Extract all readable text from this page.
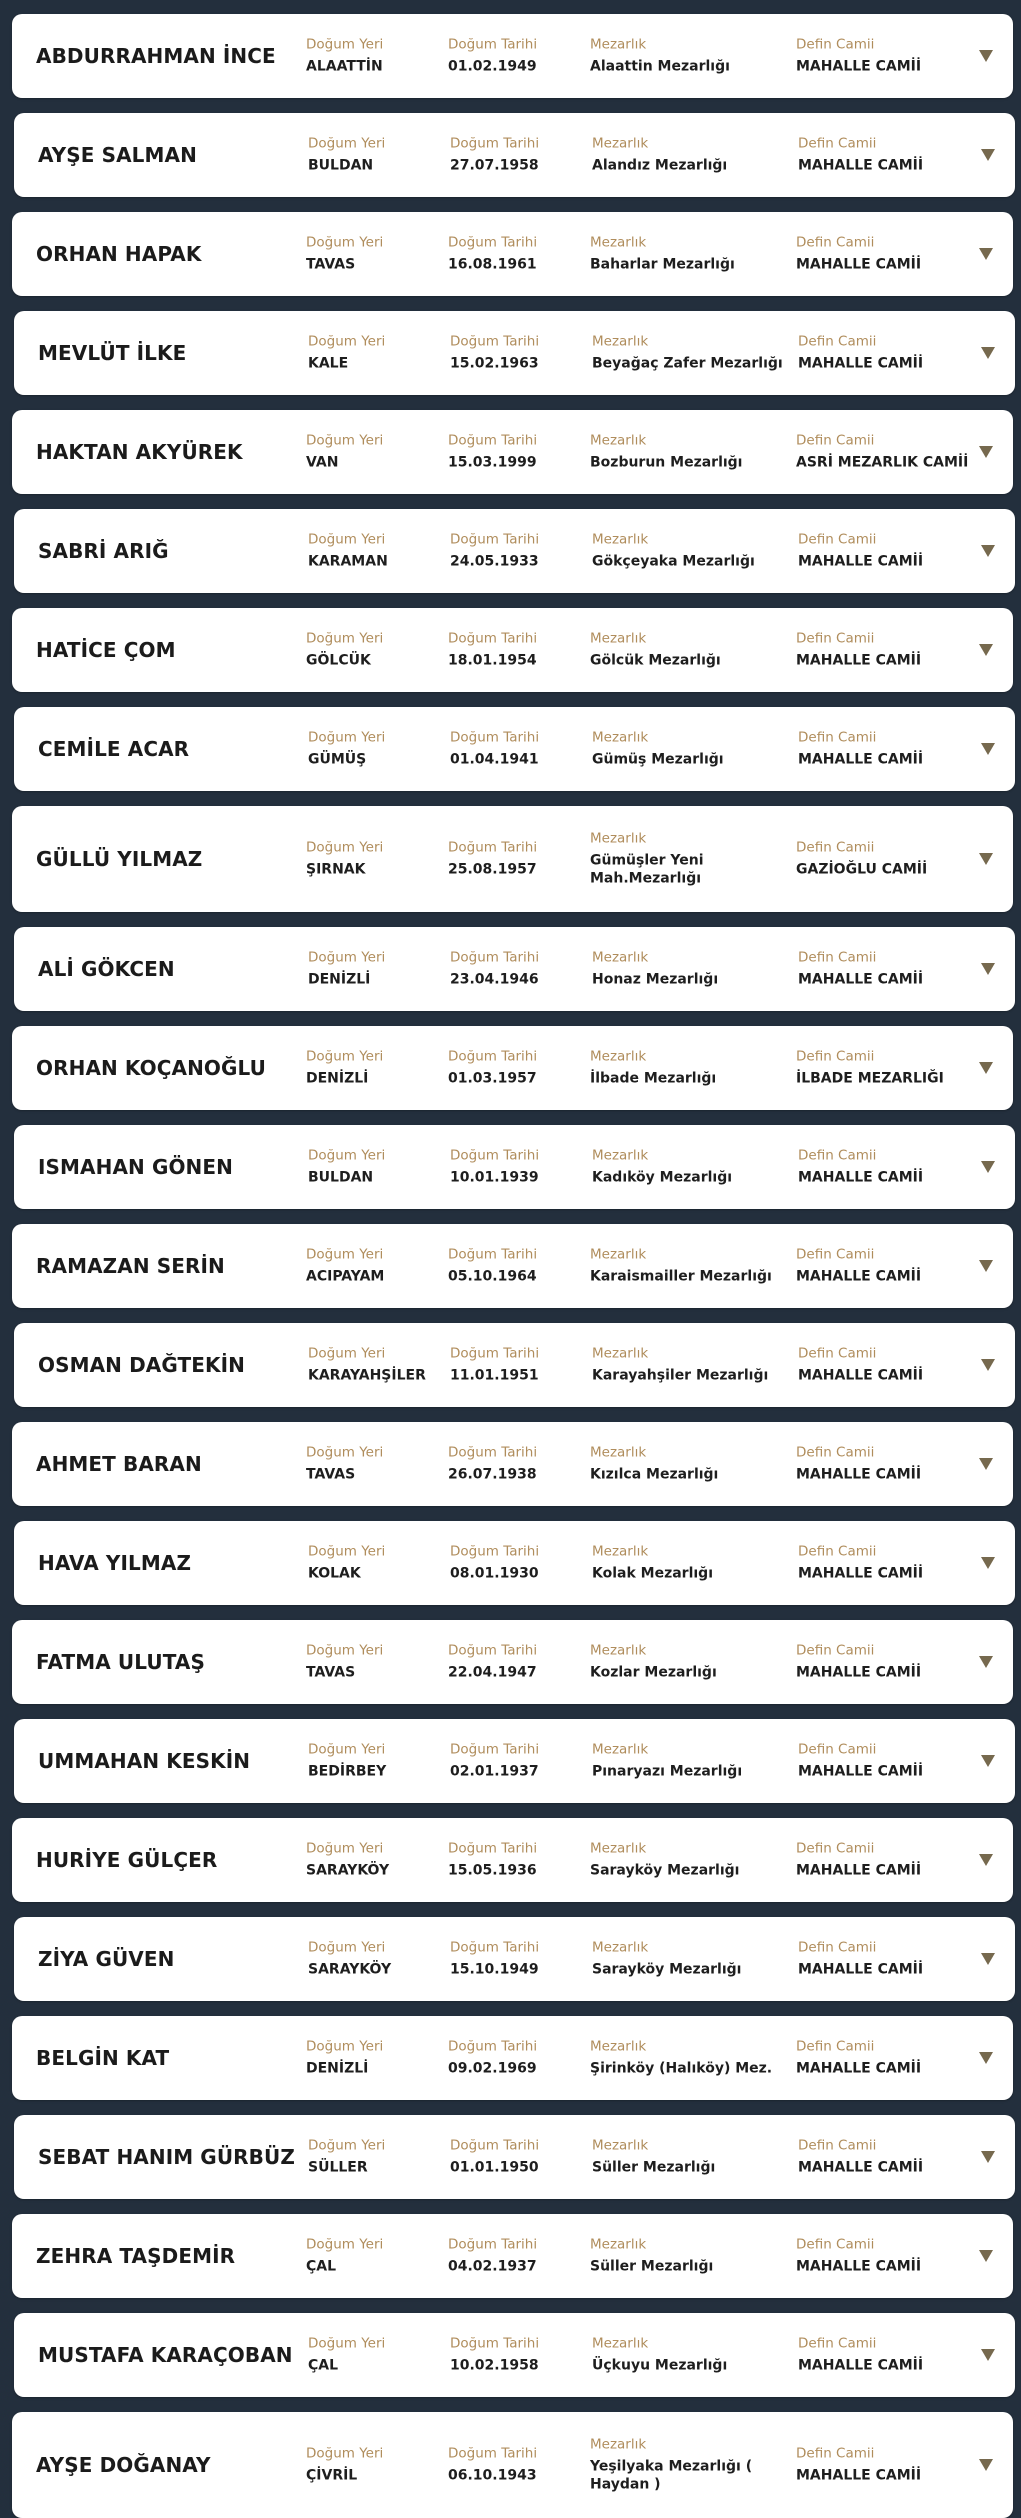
ABDURRAHMAN İNCE Doğum Yeri
ALAATTİN
Doğum Tarihi
01.02.1949
Mezarlık
Alaattin Mezarlığı
Defin Camii
MAHALLE CAMİİ
AYŞE SALMAN	Doğum Yeri
BULDAN
Doğum Tarihi
27.07.1958
Mezarlık
Alandız Mezarlığı
Defin Camii
MAHALLE CAMİİ
ORHAN HAPAK	Doğum Yeri
TAVAS
Doğum Tarihi
16.08.1961
Mezarlık
Baharlar Mezarlığı
Defin Camii
MAHALLE CAMİİ
MEVLÜT İLKE	Doğum Yeri
KALE
Doğum Tarihi
15.02.1963
Mezarlık
Beyağaç Zafer Mezarlığı
Defin Camii
MAHALLE CAMİİ
HAKTAN AKYÜREK	Doğum Yeri
VAN
Doğum Tarihi
15.03.1999
Mezarlık
Bozburun Mezarlığı
Defin Camii
ASRİ MEZARLIK CAMİİ
SABRİ ARIĞ	Doğum Yeri
KARAMAN
Doğum Tarihi
24.05.1933
Mezarlık
Gökçeyaka Mezarlığı
Defin Camii
MAHALLE CAMİİ
HATİCE ÇOM	Doğum Yeri
GÖLCÜK
Doğum Tarihi
18.01.1954
Mezarlık
Gölcük Mezarlığı
Defin Camii
MAHALLE CAMİİ
CEMİLE ACAR	Doğum Yeri
GÜMÜŞ
Doğum Tarihi
01.04.1941
Mezarlık
Gümüş Mezarlığı
Defin Camii
MAHALLE CAMİİ
GÜLLÜ YILMAZ	Doğum Yeri
ŞIRNAK
Doğum Tarihi
25.08.1957
Mezarlık
Gümüşler Yeni Mah.Mezarlığı
Defin Camii
GAZİOĞLU CAMİİ
ALİ GÖKCEN	Doğum Yeri
DENİZLİ
Doğum Tarihi
23.04.1946
Mezarlık
Honaz Mezarlığı
Defin Camii
MAHALLE CAMİİ
ORHAN KOÇANOĞLU	Doğum Yeri
DENİZLİ
Doğum Tarihi
01.03.1957
Mezarlık
İlbade Mezarlığı
Defin Camii
İLBADE MEZARLIĞI
ISMAHAN GÖNEN	Doğum Yeri
BULDAN
Doğum Tarihi
10.01.1939
Mezarlık
Kadıköy Mezarlığı
Defin Camii
MAHALLE CAMİİ
RAMAZAN SERİN	Doğum Yeri
ACIPAYAM
Doğum Tarihi
05.10.1964
Mezarlık
Karaismailler Mezarlığı
Defin Camii
MAHALLE CAMİİ
OSMAN DAĞTEKİN	Doğum Yeri
KARAYAHŞİLER
Doğum Tarihi
11.01.1951
Mezarlık
Karayahşiler Mezarlığı
Defin Camii
MAHALLE CAMİİ
AHMET BARAN	Doğum Yeri
TAVAS
Doğum Tarihi
26.07.1938
Mezarlık
Kızılca Mezarlığı
Defin Camii
MAHALLE CAMİİ
HAVA YILMAZ	Doğum Yeri
KOLAK
Doğum Tarihi
08.01.1930
Mezarlık
Kolak Mezarlığı
Defin Camii
MAHALLE CAMİİ
FATMA ULUTAŞ	Doğum Yeri
TAVAS
Doğum Tarihi
22.04.1947
Mezarlık
Kozlar Mezarlığı
Defin Camii
MAHALLE CAMİİ
UMMAHAN KESKİN	Doğum Yeri
BEDİRBEY
Doğum Tarihi
02.01.1937
Mezarlık
Pınaryazı Mezarlığı
Defin Camii
MAHALLE CAMİİ
HURİYE GÜLÇER	Doğum Yeri
SARAYKÖY
Doğum Tarihi
15.05.1936
Mezarlık
Sarayköy Mezarlığı
Defin Camii
MAHALLE CAMİİ
ZİYA GÜVEN	Doğum Yeri
SARAYKÖY
Doğum Tarihi
15.10.1949
Mezarlık
Sarayköy Mezarlığı
Defin Camii
MAHALLE CAMİİ
BELGİN KAT	Doğum Yeri
DENİZLİ
Doğum Tarihi
09.02.1969
Mezarlık
Şirinköy (Halıköy) Mez.
Defin Camii
MAHALLE CAMİİ
SEBAT HANIM GÜRBÜZ Doğum Yeri
SÜLLER
Doğum Tarihi
01.01.1950
Mezarlık
Süller Mezarlığı
Defin Camii
MAHALLE CAMİİ
ZEHRA TAŞDEMİR	Doğum Yeri
ÇAL
Doğum Tarihi
04.02.1937
Mezarlık
Süller Mezarlığı
Defin Camii
MAHALLE CAMİİ
MUSTAFA KARAÇOBAN Doğum Yeri
ÇAL
Doğum Tarihi
10.02.1958
Mezarlık
Üçkuyu Mezarlığı
Defin Camii
MAHALLE CAMİİ
AYŞE DOĞANAY	Doğum Yeri
ÇİVRİL
Doğum Tarihi
06.10.1943
Mezarlık
Yeşilyaka Mezarlığı ( Haydan )
Defin Camii
MAHALLE CAMİİ
